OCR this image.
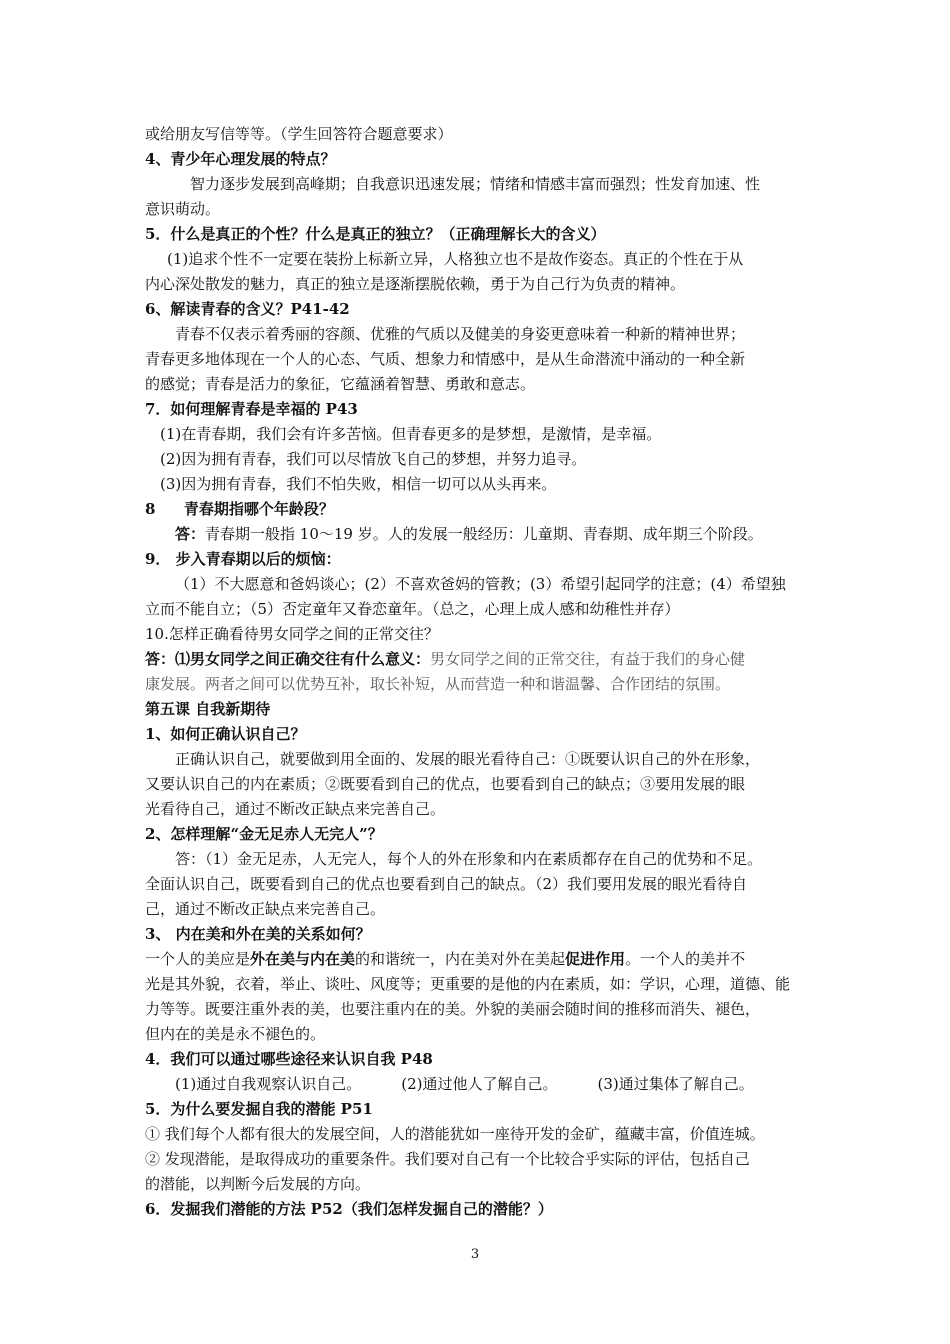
或给朋友写信等等。（学生回答符合题意要求）
4、青少年心理发展的特点？
智力逐步发展到高峰期；自我意识迅速发展；情绪和情感丰富而强烈；性发育加速、性
意识萌动。
5．什么是真正的个性？什么是真正的独立？（正确理解长大的含义）
(1)追求个性不一定要在装扮上标新立异，人格独立也不是故作姿态。真正的个性在于从
内心深处散发的魅力，真正的独立是逐渐摆脱依赖，勇于为自己行为负责的精神。
6、解读青春的含义？P41-42
青春不仅表示着秀丽的容颜、优雅的气质以及健美的身姿更意味着一种新的精神世界；
青春更多地体现在一个人的心态、气质、想象力和情感中，是从生命潜流中涌动的一种全新
的感觉；青春是活力的象征，它蕴涵着智慧、勇敢和意志。
7．如何理解青春是幸福的 P43
(1)在青春期，我们会有许多苦恼。但青春更多的是梦想，是激情，是幸福。
(2)因为拥有青春，我们可以尽情放飞自己的梦想，并努力追寻。
(3)因为拥有青春，我们不怕失败，相信一切可以从头再来。
8 青春期指哪个年龄段？
答：青春期一般指 10～19 岁。人的发展一般经历：儿童期、青春期、成年期三个阶段。
9． 步入青春期以后的烦恼：
（1）不大愿意和爸妈谈心；(2）不喜欢爸妈的管教；(3）希望引起同学的注意；(4）希望独
立而不能自立；（5）否定童年又眷恋童年。（总之，心理上成人感和幼稚性并存）
10.怎样正确看待男女同学之间的正常交往？
答：⑴男女同学之间正确交往有什么意义：男女同学之间的正常交往，有益于我们的身心健
康发展。两者之间可以优势互补，取长补短，从而营造一种和谐温馨、合作团结的氛围。
第五课 自我新期待
1、如何正确认识自己？
正确认识自己，就要做到用全面的、发展的眼光看待自己：①既要认识自己的外在形象，
又要认识自己的内在素质；②既要看到自己的优点，也要看到自己的缺点；③要用发展的眼
光看待自己，通过不断改正缺点来完善自己。
2、怎样理解“金无足赤人无完人”？
答：（1）金无足赤，人无完人，每个人的外在形象和内在素质都存在自己的优势和不足。
全面认识自己，既要看到自己的优点也要看到自己的缺点。（2）我们要用发展的眼光看待自
己，通过不断改正缺点来完善自己。
3、 内在美和外在美的关系如何？
一个人的美应是外在美与内在美的和谐统一，内在美对外在美起促进作用。一个人的美并不
光是其外貌，衣着，举止、谈吐、风度等；更重要的是他的内在素质，如：学识，心理，道德、能
力等等。既要注重外表的美，也要注重内在的美。外貌的美丽会随时间的推移而消失、褪色，
但内在的美是永不褪色的。
4．我们可以通过哪些途径来认识自我 P48
(1)通过自我观察认识自己。	(2)通过他人了解自己。	(3)通过集体了解自己。
5．为什么要发掘自我的潜能 P51
① 我们每个人都有很大的发展空间，人的潜能犹如一座待开发的金矿，蕴藏丰富，价值连城。
② 发现潜能，是取得成功的重要条件。我们要对自己有一个比较合乎实际的评估，包括自己
的潜能，以判断今后发展的方向。
6．发掘我们潜能的方法 P52（我们怎样发掘自己的潜能？）
3
